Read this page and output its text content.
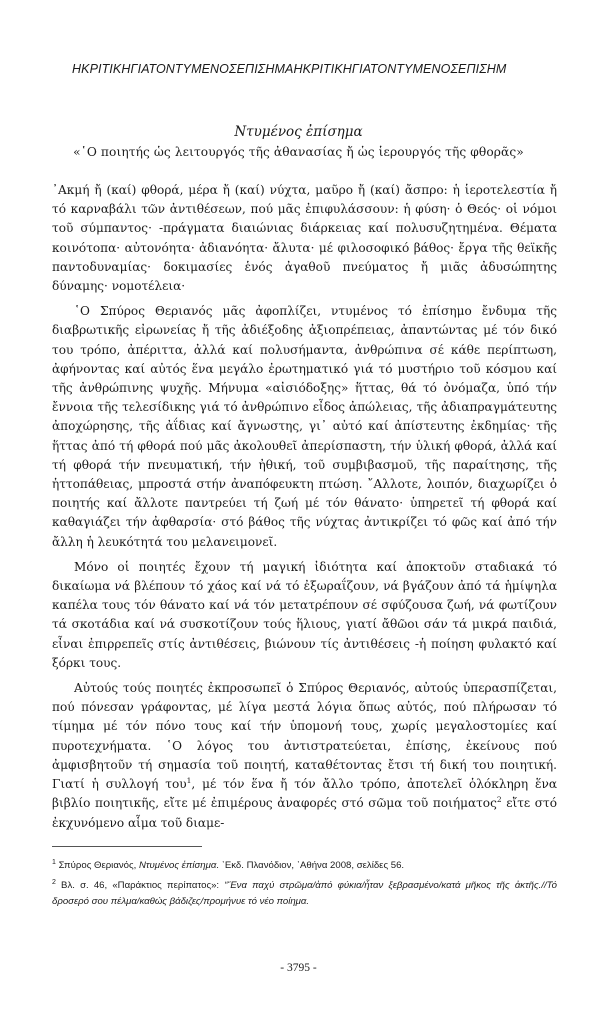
ΗΚΡΙΤΙΚΗΓΙΑΤΟΝΤΥΜΕΝΟΣΕΠΙΣΗΜΑΗΚΡΙΤΙΚΗΓΙΑΤΟΝΤΥΜΕΝΟΣΕΠΙΣΗΜ
Ντυμένος ἐπίσημα
«῾Ο ποιητής ὡς λειτουργός τῆς ἀθανασίας ἤ ὡς ἱερουργός τῆς φθορᾶς»

᾿Ακμή ἤ (καί) φθορά, μέρα ἤ (καί) νύχτα, μαῦρο ἤ (καί) ἄσπρο: ἡ ἱεροτελεστία ἤ τό καρναβάλι τῶν ἀντιθέσεων, πού μᾶς ἐπιφυλάσσουν: ἡ φύση· ὁ Θεός· οἱ νόμοι τοῦ σύμπαντος· -πράγματα διαιώνιας διάρκειας καί πολυσυζητημένα. Θέματα κοινότοπα· αὐτονόητα· ἀδιανόητα· ἄλυτα· μέ φιλοσοφικό βάθος· ἔργα τῆς θεϊκῆς παντοδυναμίας· δοκιμασίες ἑνός ἀγαθοῦ πνεύματος ἤ μιᾶς ἀδυσώπητης δύναμης· νομοτέλεια·

῾Ο Σπύρος Θεριανός μᾶς ἀφοπλίζει, ντυμένος τό ἐπίσημο ἔνδυμα τῆς διαβρωτικῆς εἰρωνείας ἤ τῆς ἀδιέξοδης ἀξιοπρέπειας, ἀπαντώντας μέ τόν δικό του τρόπο, ἀπέριττα, ἀλλά καί πολυσήμαντα, ἀνθρώπινα σέ κάθε περίπτωση, ἀφήνοντας καί αὐτός ἕνα μεγάλο ἐρωτηματικό γιά τό μυστήριο τοῦ κόσμου καί τῆς ἀνθρώπινης ψυχῆς. Μήνυμα «αἰσιόδοξης» ἥττας, θά τό ὀνόμαζα, ὑπό τήν ἔννοια τῆς τελεσίδικης γιά τό ἀνθρώπινο εἶδος ἀπώλειας, τῆς ἀδιαπραγμάτευτης ἀποχώρησης, τῆς ἀΐδιας καί ἄγνωστης, γι᾿ αὐτό καί ἀπίστευτης ἐκδημίας· τῆς ἥττας ἀπό τή φθορά πού μᾶς ἀκολουθεῖ ἀπερίσπαστη, τήν ὑλική φθορά, ἀλλά καί τή φθορά τήν πνευματική, τήν ἠθική, τοῦ συμβιβασμοῦ, τῆς παραίτησης, τῆς ἡττοπάθειας, μπροστά στήν ἀναπόφευκτη πτώση. ῎Αλλοτε, λοιπόν, διαχωρίζει ὁ ποιητής καί ἄλλοτε παντρεύει τή ζωή μέ τόν θάνατο· ὑπηρετεῖ τή φθορά καί καθαγιάζει τήν ἀφθαρσία· στό βάθος τῆς νύχτας ἀντικρίζει τό φῶς καί ἀπό τήν ἄλλη ἡ λευκότητά του μελανειμονεῖ.

Μόνο οἱ ποιητές ἔχουν τή μαγική ἰδιότητα καί ἀποκτοῦν σταδιακά τό δικαίωμα νά βλέπουν τό χάος καί νά τό ἐξωραΐζουν, νά βγάζουν ἀπό τά ἡμίψηλα καπέλα τους τόν θάνατο καί νά τόν μετατρέπουν σέ σφύζουσα ζωή, νά φωτίζουν τά σκοτάδια καί νά συσκοτίζουν τούς ἥλιους, γιατί ἄθῶοι σάν τά μικρά παιδιά, εἶναι ἐπιρρεπεῖς στίς ἀντιθέσεις, βιώνουν τίς ἀντιθέσεις -ἡ ποίηση φυλακτό καί ξόρκι τους.

Αὐτούς τούς ποιητές ἐκπροσωπεῖ ὁ Σπύρος Θεριανός, αὐτούς ὑπερασπίζεται, πού πόνεσαν γράφοντας, μέ λίγα μεστά λόγια ὅπως αὐτός, πού πλήρωσαν τό τίμημα μέ τόν πόνο τους καί τήν ὑπομονή τους, χωρίς μεγαλοστομίες καί πυροτεχνήματα. ῾Ο λόγος του ἀντιστρατεύεται, ἐπίσης, ἐκείνους πού ἀμφισβητοῦν τή σημασία τοῦ ποιητή, καταθέτοντας ἔτσι τή δική του ποιητική. Γιατί ἡ συλλογή του$^1$, μέ τόν ἕνα ἤ τόν ἄλλο τρόπο, ἀποτελεῖ ὁλόκληρη ἕνα βιβλίο ποιητικῆς, εἴτε μέ ἐπιμέρους ἀναφορές στό σῶμα τοῦ ποιήματος$^2$ εἴτε στό ἐκχυνόμενο αἷμα τοῦ διαμε-

$^1$ Σπύρος Θεριανός, Ντυμένος ἐπίσημα. ᾿Εκδ. Πλανόδιον, ᾿Αθήνα 2008, σελίδες 56.

$^2$ Βλ. σ. 46, «Παράκτιος περίπατος»: “Ἕνα παχύ στρῶμα/ἀπό φύκια/ἦταν ξεβρασμένο/κατά μῆκος τῆς ἀκτῆς.//Τό δροσερό σου πέλμα/καθώς βάδιζες/προμήνυε τό νέο ποίημα.

- 3795 -
